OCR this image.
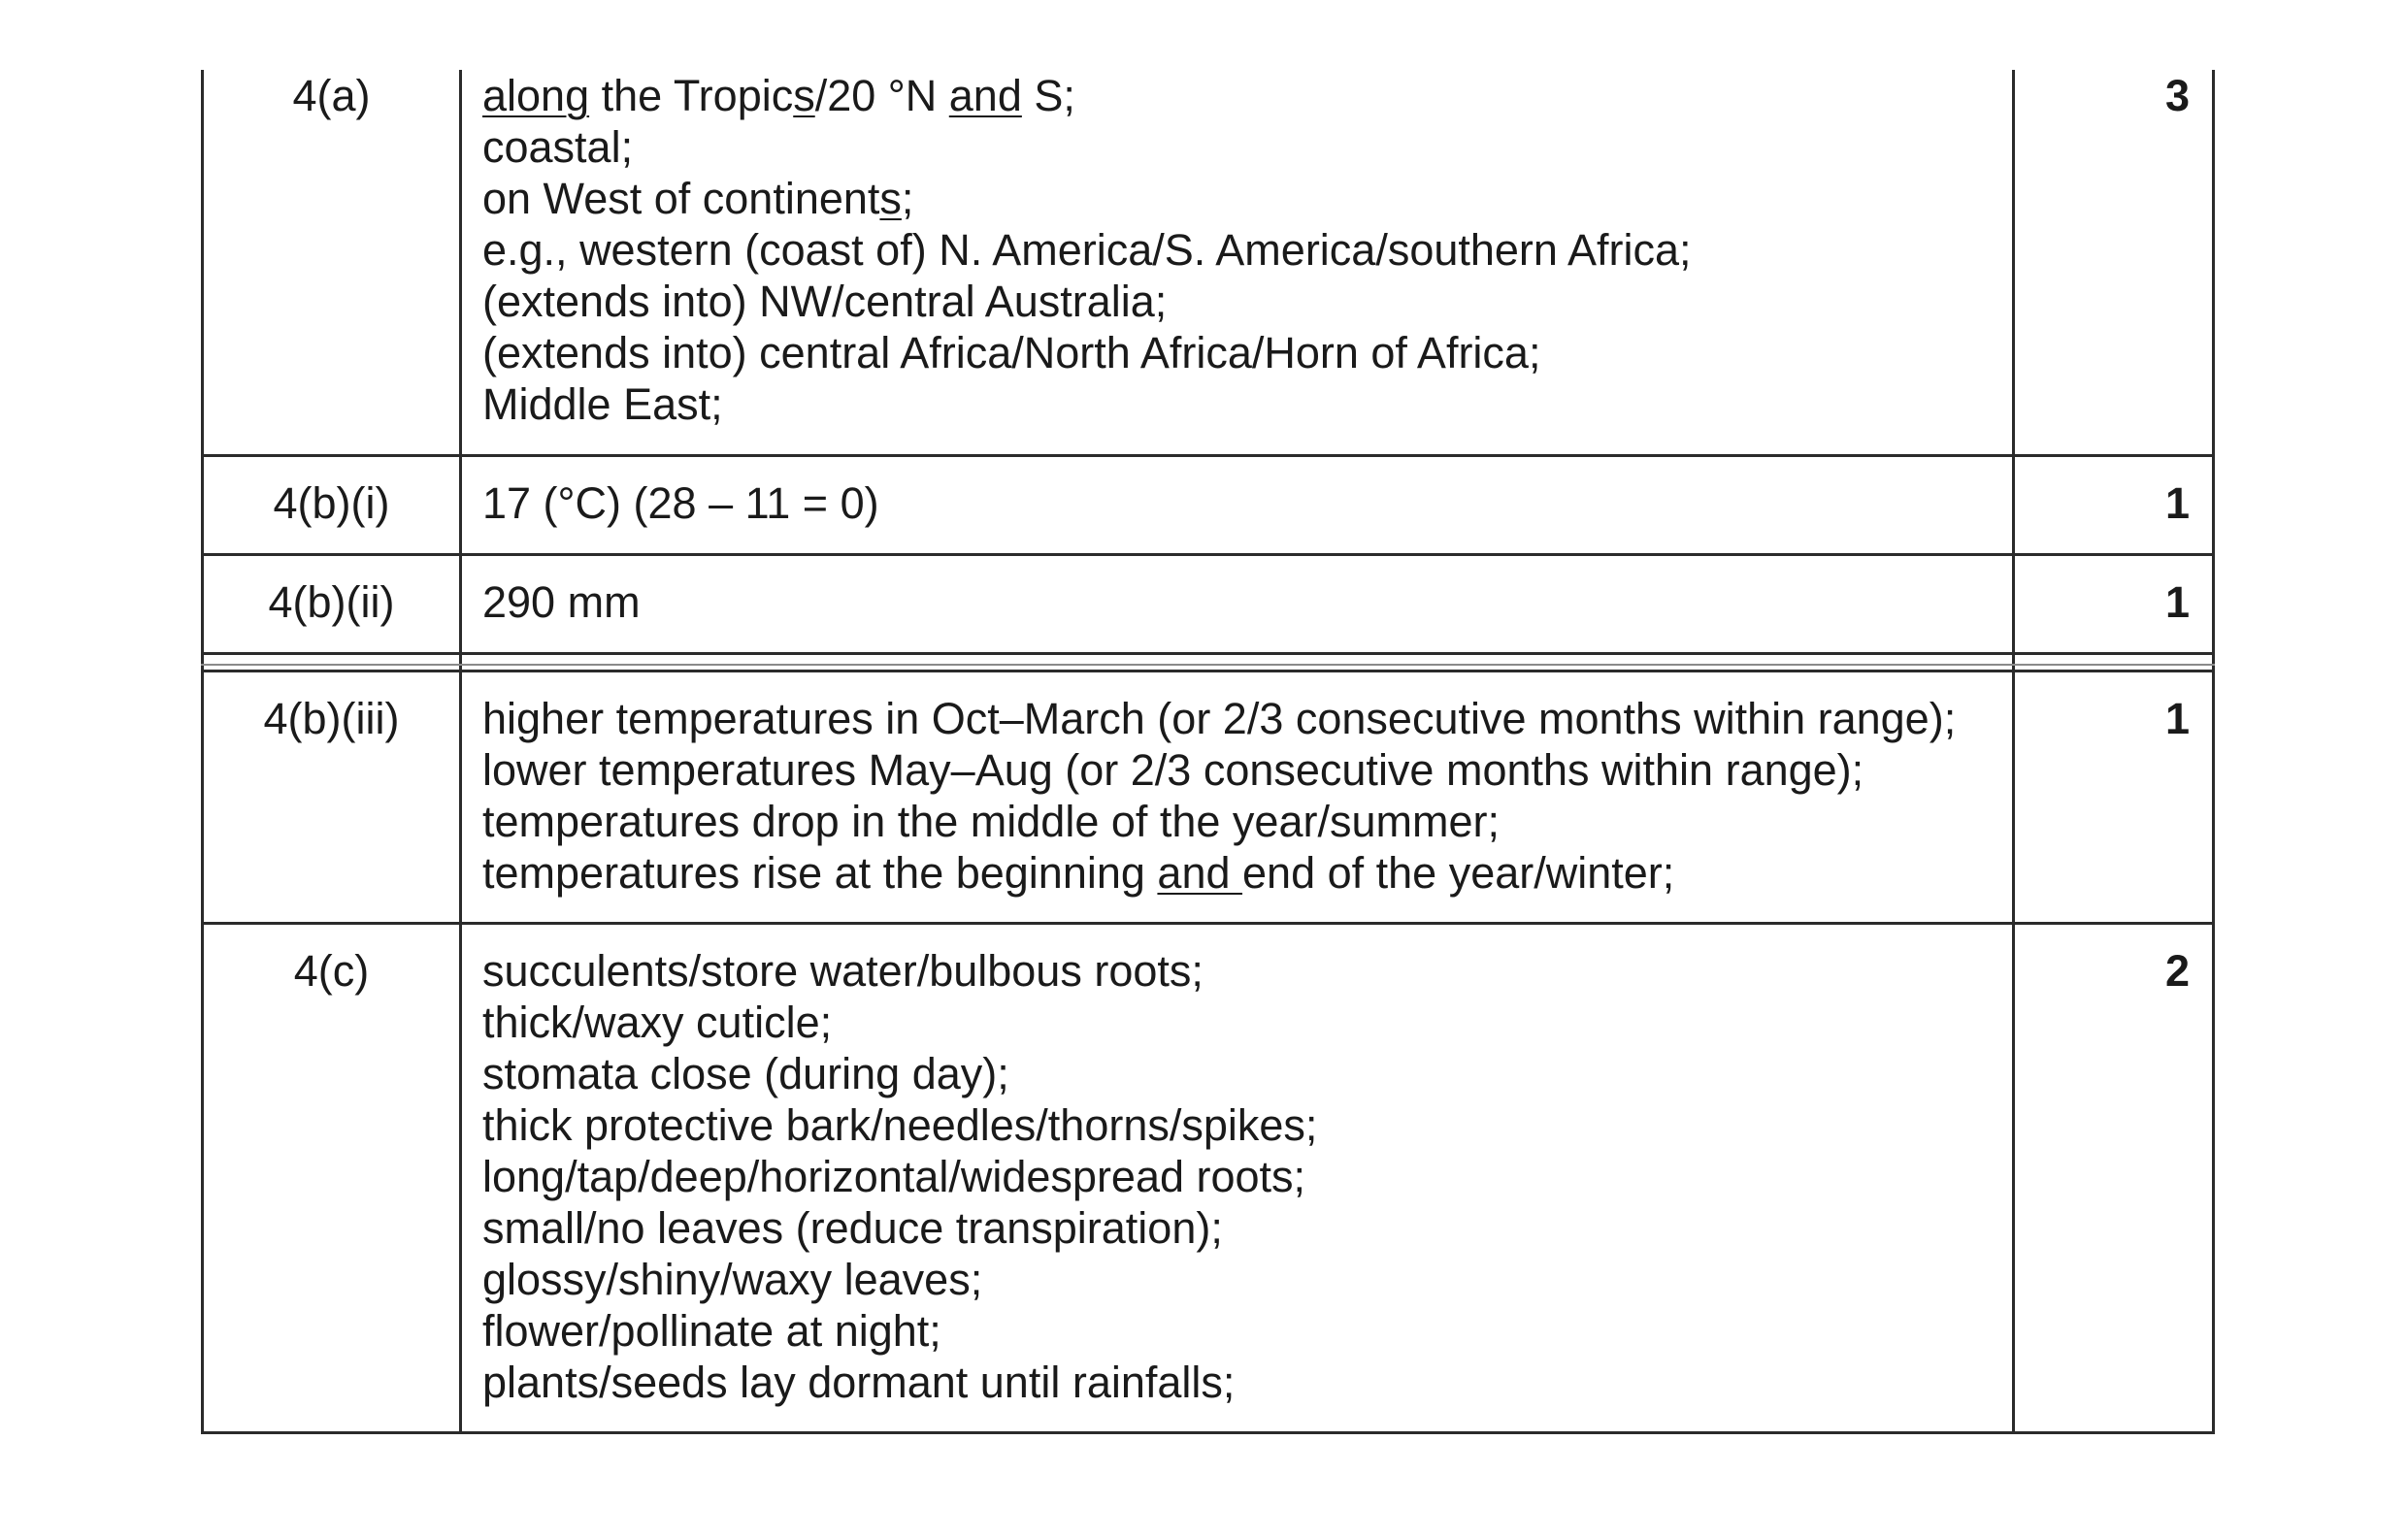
4(a)	along the Tropics/20 °N and S;
coastal;
on West of continents;
e.g., western (coast of) N. America/S. America/southern Africa;
(extends into) NW/central Australia;
(extends into) central Africa/North Africa/Horn of Africa;
Middle East;
3
4(b)(i)	17 (°C) (28 – 11 = 0)	1
4(b)(ii)	290 mm	1
4(b)(iii)	higher temperatures in Oct–March (or 2/3 consecutive months within range);
lower temperatures May–Aug (or 2/3 consecutive months within range);
temperatures drop in the middle of the year/summer;
temperatures rise at the beginning and end of the year/winter;
1
4(c)	succulents/store water/bulbous roots;
thick/waxy cuticle;
stomata close (during day);
thick protective bark/needles/thorns/spikes;
long/tap/deep/horizontal/widespread roots;
small/no leaves (reduce transpiration);
glossy/shiny/waxy leaves;
flower/pollinate at night;
plants/seeds lay dormant until rainfalls;
2
